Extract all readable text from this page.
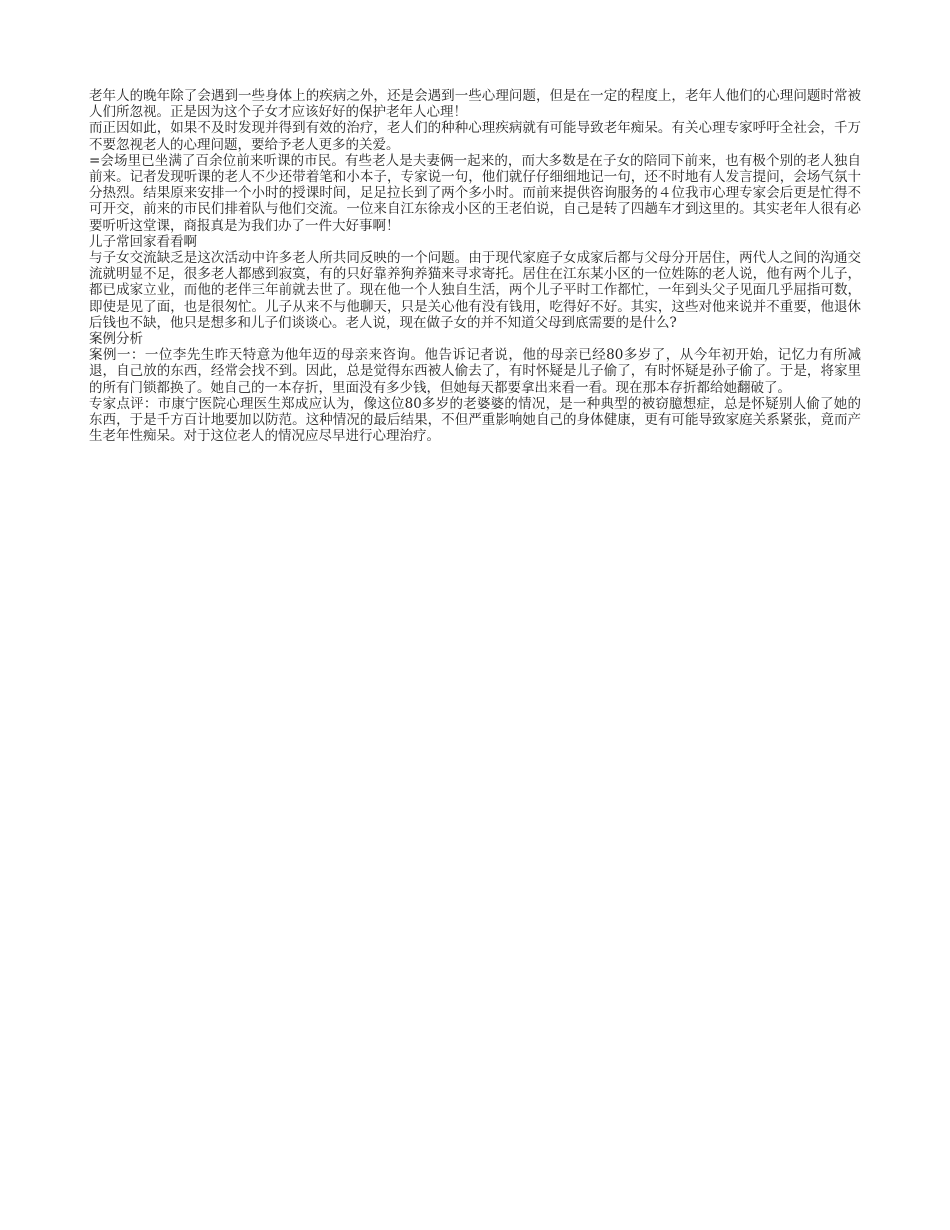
老年人的晚年除了会遇到一些身体上的疾病之外，还是会遇到一些心理问题，但是在一定的程度上，老年人他们的心理问题时常被人们所忽视。正是因为这个子女才应该好好的保护老年人心理！

而正因如此，如果不及时发现并得到有效的治疗，老人们的种种心理疾病就有可能导致老年痴呆。有关心理专家呼吁全社会，千万不要忽视老人的心理问题，要给予老人更多的关爱。

=会场里已坐满了百余位前来听课的市民。有些老人是夫妻俩一起来的，而大多数是在子女的陪同下前来，也有极个别的老人独自前来。记者发现听课的老人不少还带着笔和小本子，专家说一句，他们就仔仔细细地记一句，还不时地有人发言提问，会场气氛十分热烈。结果原来安排一个小时的授课时间，足足拉长到了两个多小时。而前来提供咨询服务的４位我市心理专家会后更是忙得不可开交，前来的市民们排着队与他们交流。一位来自江东徐戎小区的王老伯说，自己是转了四趟车才到这里的。其实老年人很有必要听听这堂课，商报真是为我们办了一件大好事啊！

儿子常回家看看啊

与子女交流缺乏是这次活动中许多老人所共同反映的一个问题。由于现代家庭子女成家后都与父母分开居住，两代人之间的沟通交流就明显不足，很多老人都感到寂寞，有的只好靠养狗养猫来寻求寄托。居住在江东某小区的一位姓陈的老人说，他有两个儿子，都已成家立业，而他的老伴三年前就去世了。现在他一个人独自生活，两个儿子平时工作都忙，一年到头父子见面几乎屈指可数，即使是见了面，也是很匆忙。儿子从来不与他聊天，只是关心他有没有钱用，吃得好不好。其实，这些对他来说并不重要，他退休后钱也不缺，他只是想多和儿子们谈谈心。老人说，现在做子女的并不知道父母到底需要的是什么?

案例分析

案例一：一位李先生昨天特意为他年迈的母亲来咨询。他告诉记者说，他的母亲已经80多岁了，从今年初开始，记忆力有所减退，自己放的东西，经常会找不到。因此，总是觉得东西被人偷去了，有时怀疑是儿子偷了，有时怀疑是孙子偷了。于是，将家里的所有门锁都换了。她自己的一本存折，里面没有多少钱，但她每天都要拿出来看一看。现在那本存折都给她翻破了。

专家点评：市康宁医院心理医生郑成应认为，像这位80多岁的老婆婆的情况，是一种典型的被窃臆想症，总是怀疑别人偷了她的东西，于是千方百计地要加以防范。这种情况的最后结果，不但严重影响她自己的身体健康，更有可能导致家庭关系紧张，竟而产生老年性痴呆。对于这位老人的情况应尽早进行心理治疗。
